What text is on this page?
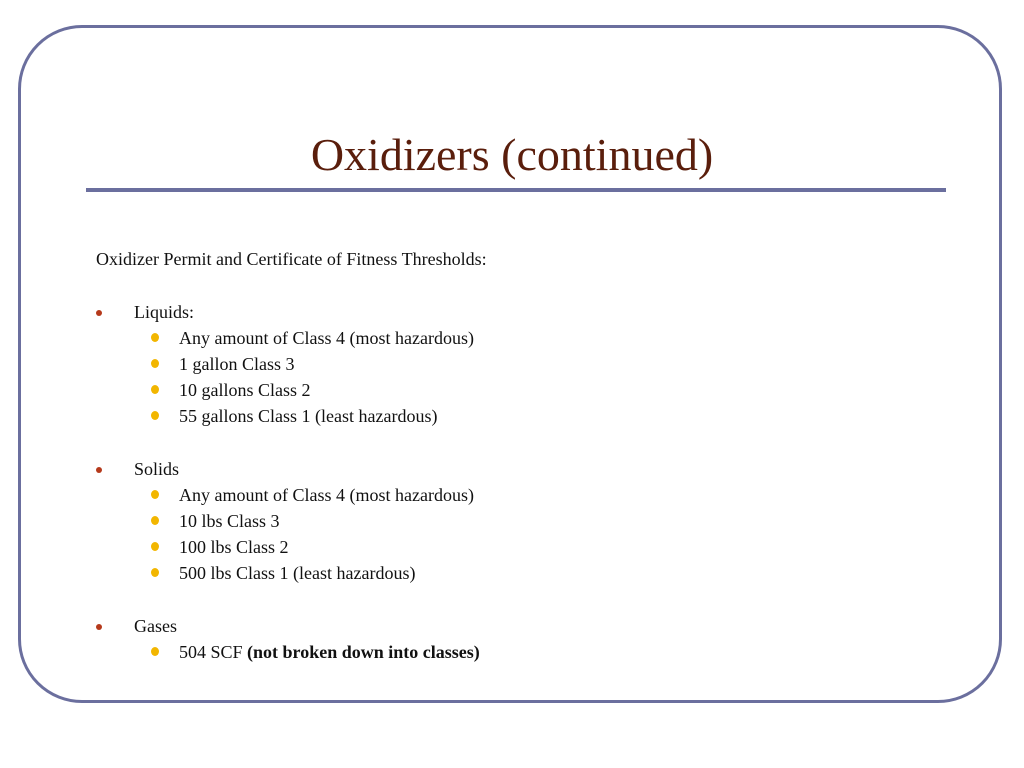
Oxidizers (continued)
Oxidizer Permit and Certificate of Fitness Thresholds:
Liquids:
Any amount of Class 4 (most hazardous)
1 gallon Class 3
10 gallons Class 2
55 gallons Class 1 (least hazardous)
Solids
Any amount of Class 4 (most hazardous)
10 lbs Class 3
100 lbs Class 2
500 lbs Class 1 (least hazardous)
Gases
504 SCF (not broken down into classes)
